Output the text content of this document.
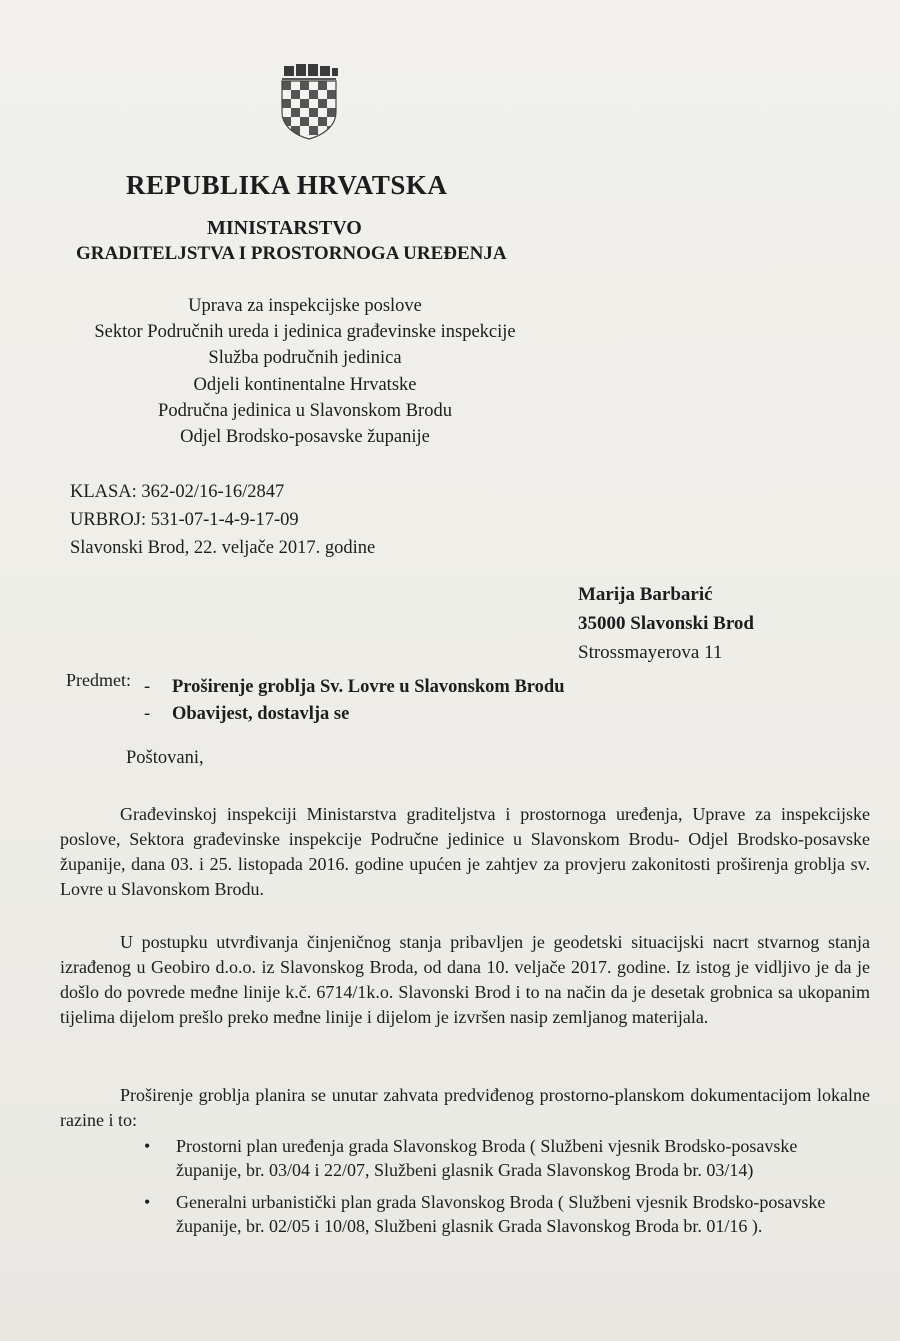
REPUBLIKA HRVATSKA
MINISTARSTVO
GRADITELJSTVA I PROSTORNOGA UREĐENJA
Uprava za inspekcijske poslove
Sektor Područnih ureda i jedinica građevinske inspekcije
Služba područnih jedinica
Odjeli kontinentalne Hrvatske
Područna jedinica u Slavonskom Brodu
Odjel Brodsko-posavske županije
KLASA: 362-02/16-16/2847
URBROJ: 531-07-1-4-9-17-09
Slavonski Brod, 22. veljače 2017. godine
Marija Barbarić
35000 Slavonski Brod
Strossmayerova 11
Predmet:
-	Proširenje groblja Sv. Lovre u Slavonskom Brodu
- Obavijest, dostavlja se
Poštovani,
Građevinskoj inspekciji Ministarstva graditeljstva i prostornoga uređenja, Uprave za inspekcijske poslove, Sektora građevinske inspekcije Područne jedinice u Slavonskom Brodu- Odjel Brodsko-posavske županije, dana 03. i 25. listopada 2016. godine upućen je zahtjev za provjeru zakonitosti proširenja groblja sv. Lovre u Slavonskom Brodu.
U postupku utvrđivanja činjeničnog stanja pribavljen je geodetski situacijski nacrt stvarnog stanja izrađenog u Geobiro d.o.o. iz Slavonskog Broda, od dana 10. veljače 2017. godine. Iz istog je vidljivo je da je došlo do povrede međne linije k.č. 6714/1k.o. Slavonski Brod i to na način da je desetak grobnica sa ukopanim tijelima dijelom prešlo preko međne linije i dijelom je izvršen nasip zemljanog materijala.
Proširenje groblja planira se unutar zahvata predviđenog prostorno-planskom dokumentacijom lokalne razine i to:
• Prostorni plan uređenja grada Slavonskog Broda ( Službeni vjesnik Brodsko-posavske županije, br. 03/04 i 22/07, Službeni glasnik Grada Slavonskog Broda br. 03/14)
• Generalni urbanistički plan grada Slavonskog Broda ( Službeni vjesnik Brodsko-posavske županije, br. 02/05 i 10/08, Službeni glasnik Grada Slavonskog Broda br. 01/16 ).
